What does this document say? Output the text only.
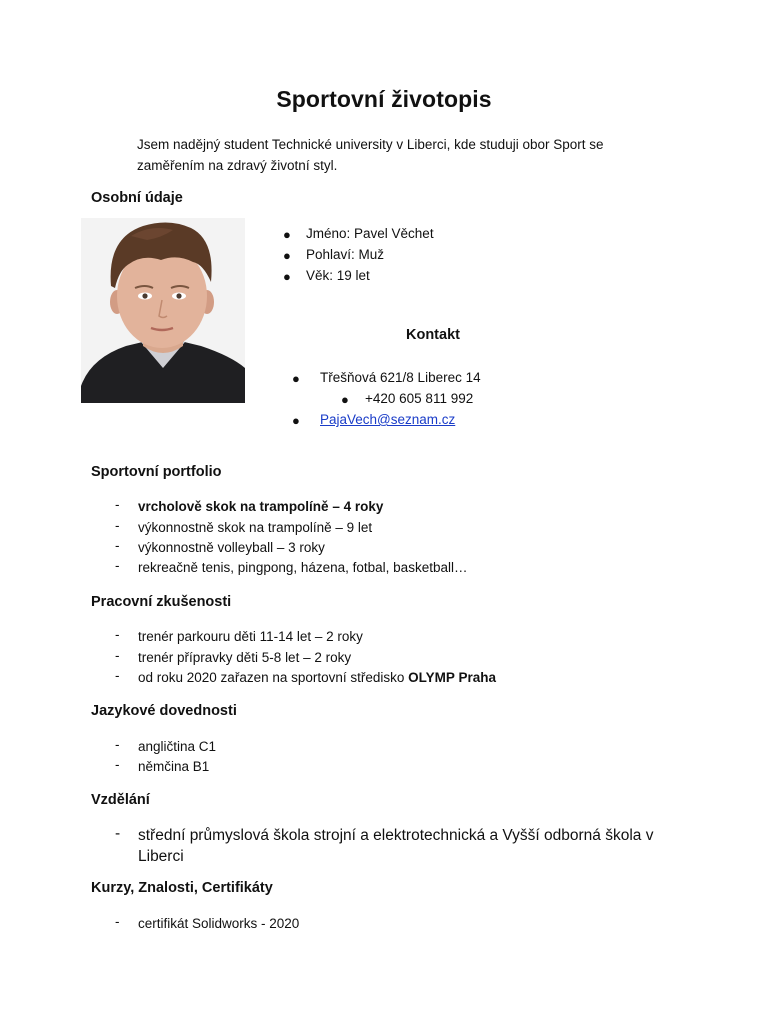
Sportovní životopis
Jsem nadějný student Technické university v Liberci, kde studuji obor Sport se zaměřením na zdravý životní styl.
Osobní údaje
● Jméno: Pavel Věchet
● Pohlaví: Muž
● Věk: 19 let
Kontakt
● Třešňová 621/8 Liberec 14
● +420 605 811 992
● PajaVech@seznam.cz
Sportovní portfolio
- vrcholově skok na trampolíně – 4 roky
- výkonnostně skok na trampolíně – 9 let
- výkonnostně volleyball – 3 roky
- rekreačně tenis, pingpong, házena, fotbal, basketball…
Pracovní zkušenosti
- trenér parkouru děti 11-14 let – 2 roky
- trenér přípravky děti 5-8 let – 2 roky
- od roku 2020 zařazen na sportovní středisko OLYMP Praha
Jazykové dovednosti
- angličtina C1
- němčina B1
Vzdělání
- střední průmyslová škola strojní a elektrotechnická a Vyšší odborná škola v Liberci
Kurzy, Znalosti, Certifikáty
- certifikát Solidworks - 2020
